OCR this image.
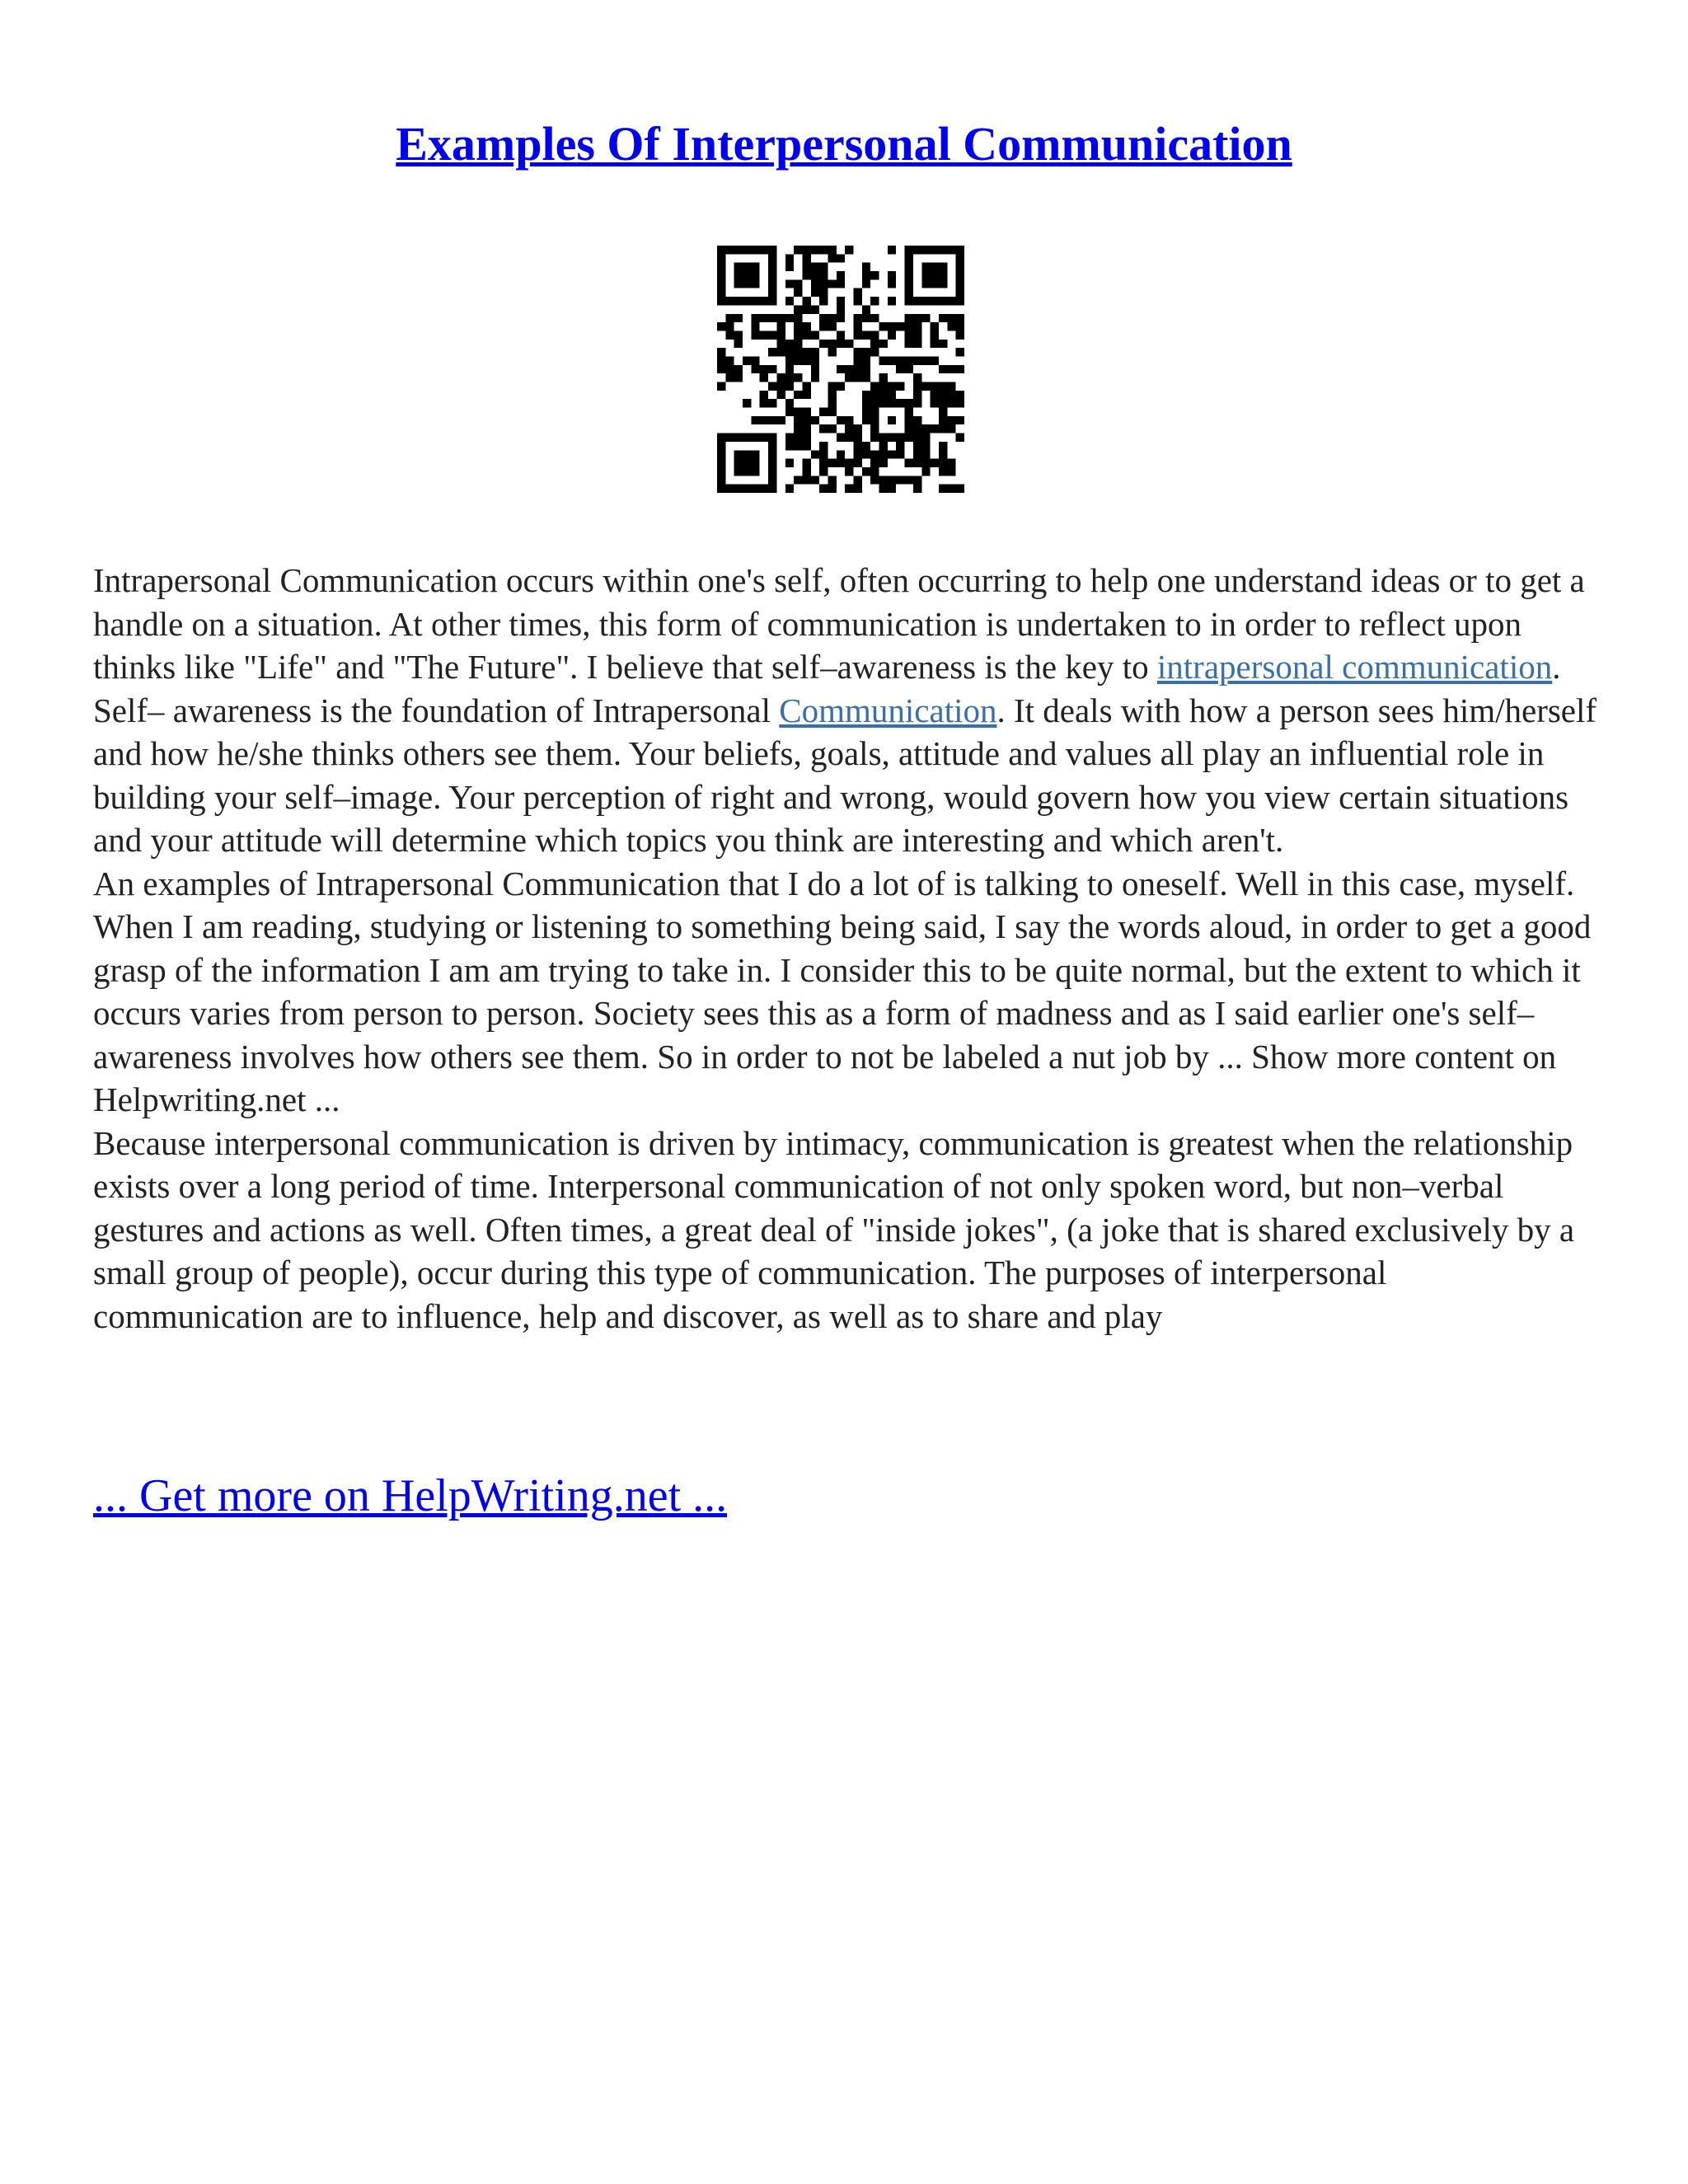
Examples Of Interpersonal Communication

Intrapersonal Communication occurs within one's self, often occurring to help one understand ideas or to get a handle on a situation. At other times, this form of communication is undertaken to in order to reflect upon thinks like "Life" and "The Future". I believe that self–awareness is the key to intrapersonal communication. Self– awareness is the foundation of Intrapersonal Communication. It deals with how a person sees him/herself and how he/she thinks others see them. Your beliefs, goals, attitude and values all play an influential role in building your self–image. Your perception of right and wrong, would govern how you view certain situations and your attitude will determine which topics you think are interesting and which aren't.

An examples of Intrapersonal Communication that I do a lot of is talking to oneself. Well in this case, myself. When I am reading, studying or listening to something being said, I say the words aloud, in order to get a good grasp of the information I am am trying to take in. I consider this to be quite normal, but the extent to which it occurs varies from person to person. Society sees this as a form of madness and as I said earlier one's self–awareness involves how others see them. So in order to not be labeled a nut job by ... Show more content on Helpwriting.net ...

Because interpersonal communication is driven by intimacy, communication is greatest when the relationship exists over a long period of time. Interpersonal communication of not only spoken word, but non–verbal gestures and actions as well. Often times, a great deal of "inside jokes", (a joke that is shared exclusively by a small group of people), occur during this type of communication. The purposes of interpersonal communication are to influence, help and discover, as well as to share and play

... Get more on HelpWriting.net ...
